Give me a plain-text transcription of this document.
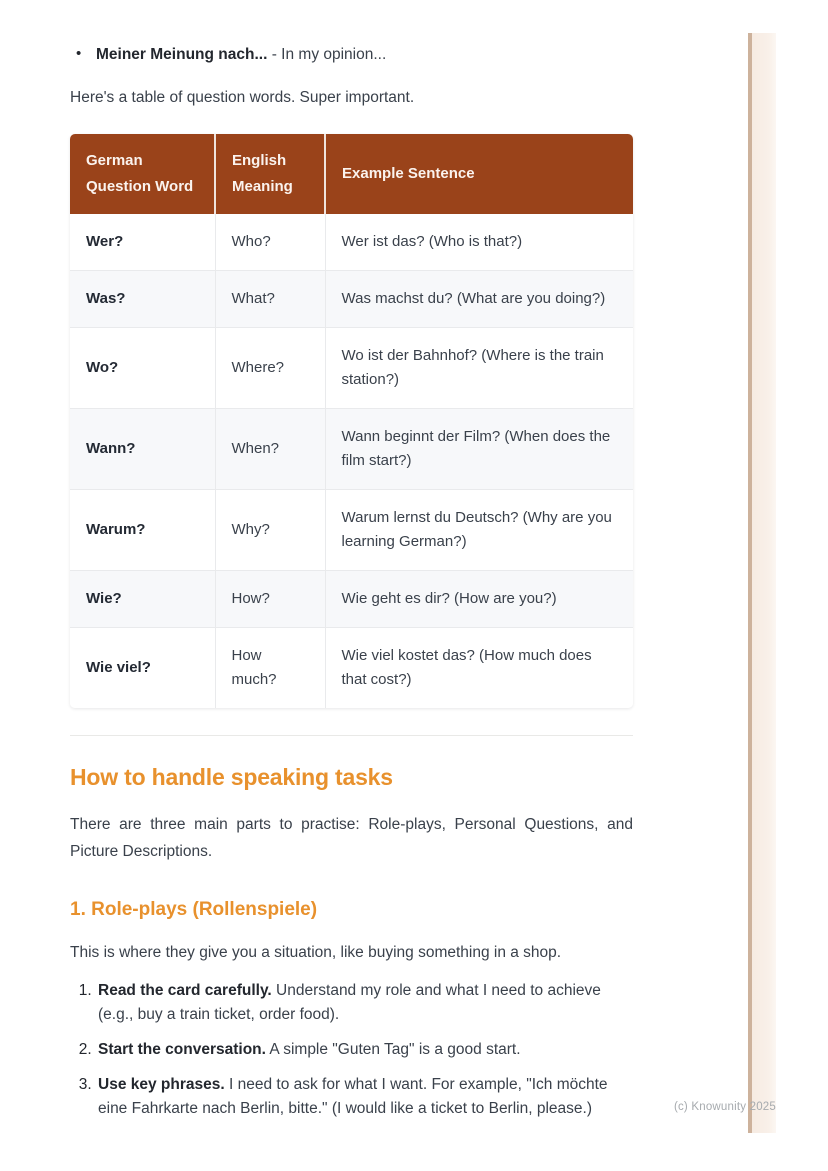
• Meiner Meinung nach... - In my opinion...

Here's a table of question words. Super important.

German Question Word	English Meaning	Example Sentence
Wer?	Who?	Wer ist das? (Who is that?)
Was?	What?	Was machst du? (What are you doing?)
Wo?	Where?	Wo ist der Bahnhof? (Where is the train station?)
Wann?	When?	Wann beginnt der Film? (When does the film start?)
Warum?	Why?	Warum lernst du Deutsch? (Why are you learning German?)
Wie?	How?	Wie geht es dir? (How are you?)
Wie viel?	How much?	Wie viel kostet das? (How much does that cost?)
How to handle speaking tasks

There are three main parts to practise: Role-plays, Personal Questions, and Picture Descriptions.

1. Role-plays (Rollenspiele)

This is where they give you a situation, like buying something in a shop.

1. Read the card carefully. Understand my role and what I need to achieve (e.g., buy a train ticket, order food).
2. Start the conversation. A simple "Guten Tag" is a good start.
3. Use key phrases. I need to ask for what I want. For example, "Ich möchte eine Fahrkarte nach Berlin, bitte." (I would like a ticket to Berlin, please.)	(c) Knowunity 2025
